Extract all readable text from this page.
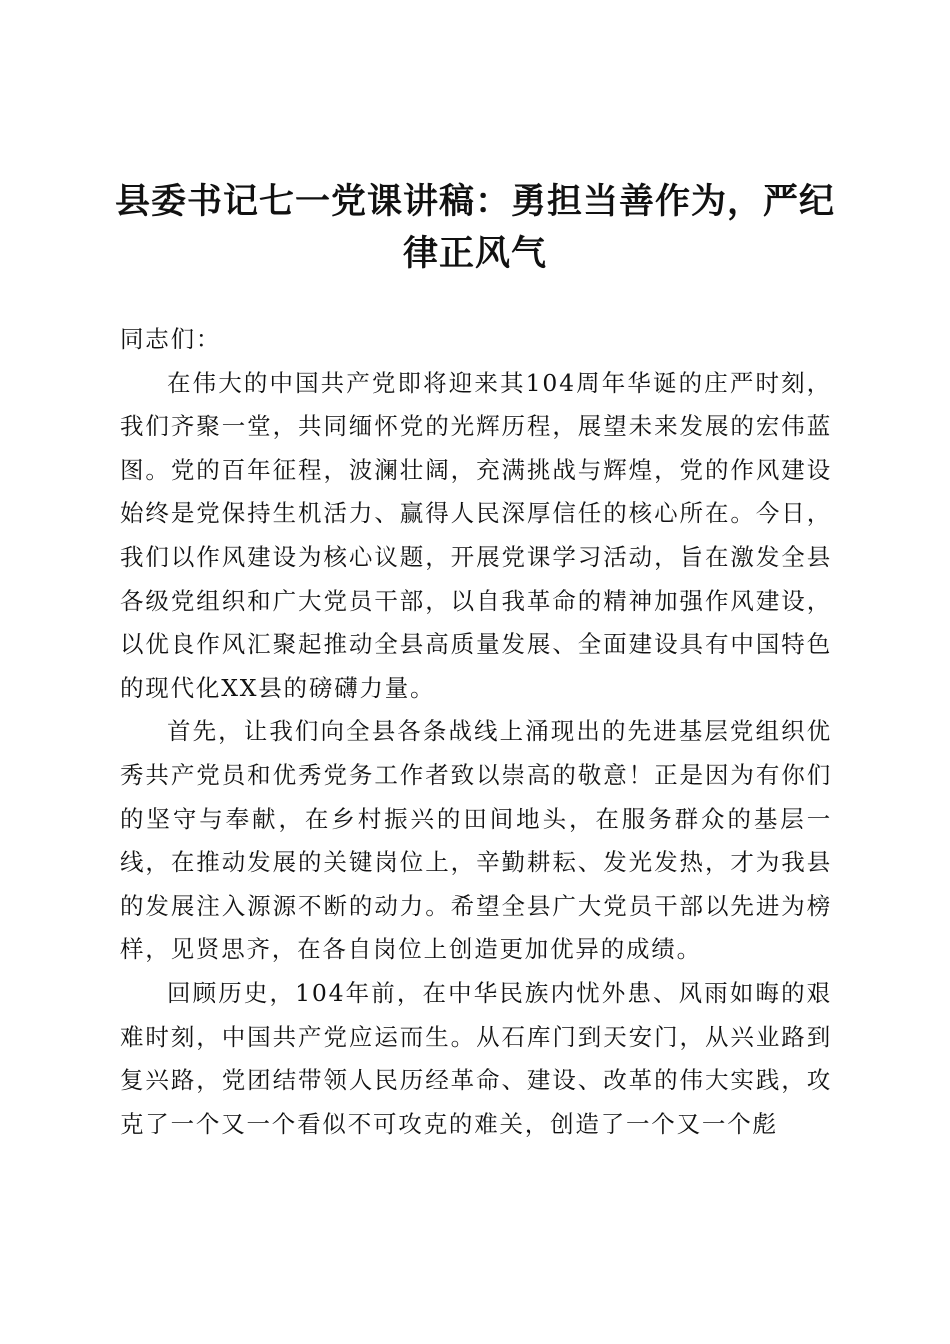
县委书记七一党课讲稿：勇担当善作为，严纪律正风气

同志们：

在伟大的中国共产党即将迎来其104周年华诞的庄严时刻，我们齐聚一堂，共同缅怀党的光辉历程，展望未来发展的宏伟蓝图。党的百年征程，波澜壮阔，充满挑战与辉煌，党的作风建设始终是党保持生机活力、赢得人民深厚信任的核心所在。今日，我们以作风建设为核心议题，开展党课学习活动，旨在激发全县各级党组织和广大党员干部，以自我革命的精神加强作风建设，以优良作风汇聚起推动全县高质量发展、全面建设具有中国特色的现代化XX县的磅礴力量。

首先，让我们向全县各条战线上涌现出的先进基层党组织优秀共产党员和优秀党务工作者致以崇高的敬意！正是因为有你们的坚守与奉献，在乡村振兴的田间地头，在服务群众的基层一线，在推动发展的关键岗位上，辛勤耕耘、发光发热，才为我县的发展注入源源不断的动力。希望全县广大党员干部以先进为榜样，见贤思齐，在各自岗位上创造更加优异的成绩。

回顾历史，104年前，在中华民族内忧外患、风雨如晦的艰难时刻，中国共产党应运而生。从石库门到天安门，从兴业路到复兴路，党团结带领人民历经革命、建设、改革的伟大实践，攻克了一个又一个看似不可攻克的难关，创造了一个又一个彪
